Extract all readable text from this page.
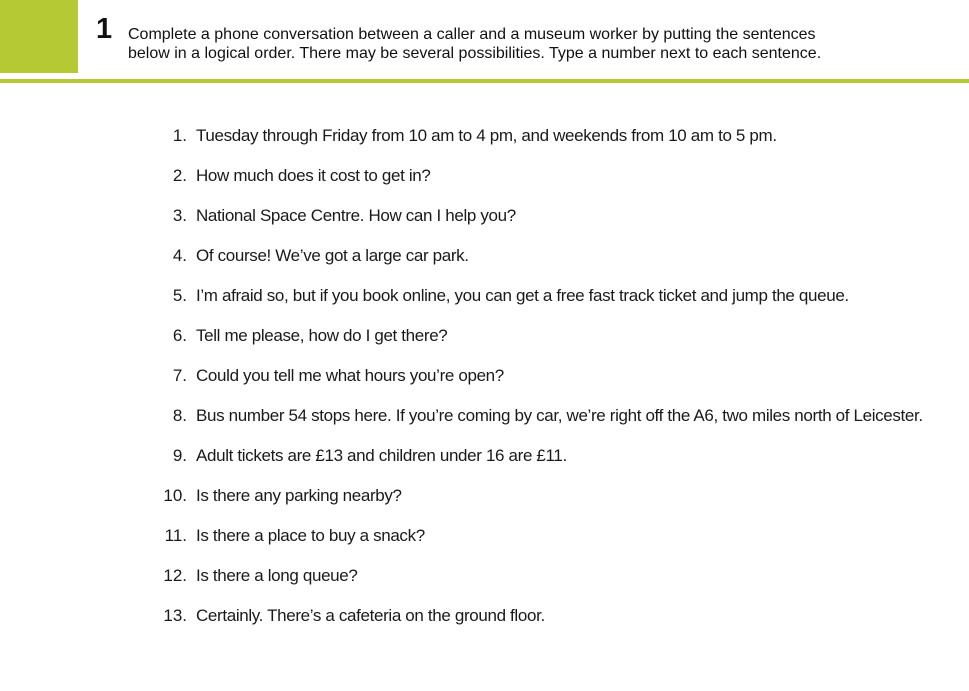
1 Complete a phone conversation between a caller and a museum worker by putting the sentences
below in a logical order. There may be several possibilities. Type a number next to each sentence.
1. Tuesday through Friday from 10 am to 4 pm, and weekends from 10 am to 5 pm.
2. How much does it cost to get in?
3. National Space Centre. How can I help you?
4. Of course! We’ve got a large car park.
5. I’m afraid so, but if you book online, you can get a free fast track ticket and jump the queue.
6. Tell me please, how do I get there?
7. Could you tell me what hours you’re open?
8. Bus number 54 stops here. If you’re coming by car, we’re right off the A6, two miles north of Leicester.
9. Adult tickets are £13 and children under 16 are £11.
10. Is there any parking nearby?
11. Is there a place to buy a snack?
12. Is there a long queue?
13. Certainly. There’s a cafeteria on the ground floor.
